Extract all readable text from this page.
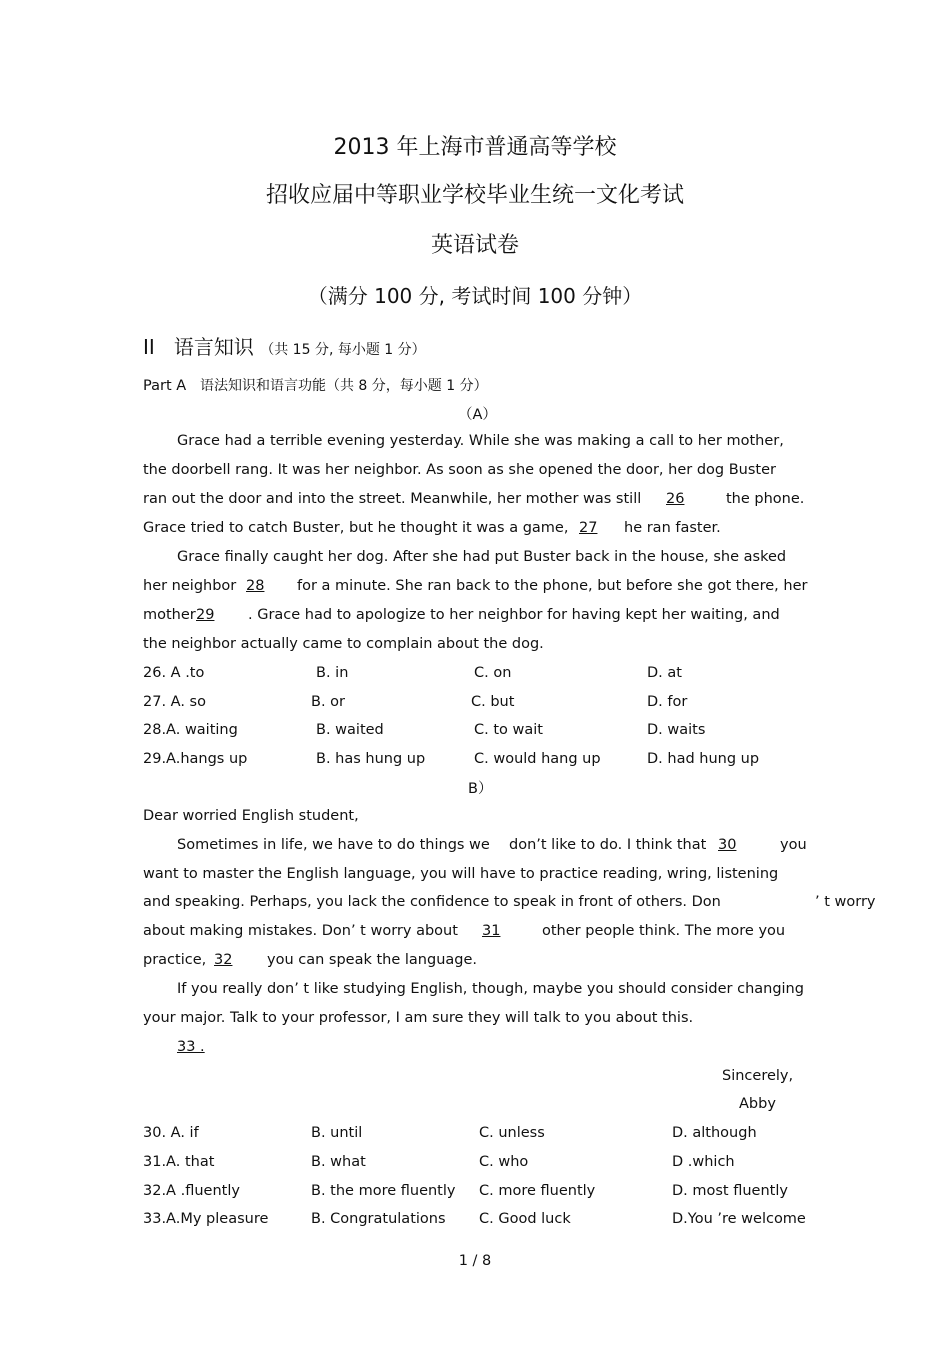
2013 年上海市普通高等学校
招收应届中等职业学校毕业生统一文化考试
英语试卷
（满分 100 分, 考试时间 100 分钟）
II 语言知识 （共 15 分, 每小题 1 分）
Part A 语法知识和语言功能（共 8 分，每小题 1 分）
（A）
Grace had a terrible evening yesterday. While she was making a call to her mother,
the doorbell rang. It was her neighbor. As soon as she opened the door, her dog Buster
ran out the door and into the street. Meanwhile, her mother was still 26	the phone.
Grace tried to catch Buster, but he thought it was a game, 27 he ran faster.
Grace finally caught her dog. After she had put Buster back in the house, she asked
her neighbor 28 for a minute. She ran back to the phone, but before she got there, her
mother 29 . Grace had to apologize to her neighbor for having kept her waiting, and
the neighbor actually came to complain about the dog.
26. A .to	B. in	C. on	D. at
27. A. so	B. or	C. but	D. for
28.A. waiting	B. waited	C. to wait	D. waits
29.A.hangs up	B. has hung up	C. would hang up	D. had hung up
B）
Dear worried English student,
Sometimes in life, we have to do things we don’t like to do. I think that 30	you
want to master the English language, you will have to practice reading, wring, listening
and speaking. Perhaps, you lack the confidence to speak in front of others. Don	’ t worry
about making mistakes. Don’ t worry about 31	other people think. The more you
practice, 32 you can speak the language.
If you really don’ t like studying English, though, maybe you should consider changing
your major. Talk to your professor, I am sure they will talk to you about this.
33 .
Sincerely,
Abby
30. A. if	B. until	C. unless	D. although
31.A. that	B. what	C. who	D .which
32.A .fluently	B. the more fluently C. more fluently	D. most fluently
33.A.My pleasure	B. Congratulations C. Good luck	D.You ’re welcome
1 / 8
